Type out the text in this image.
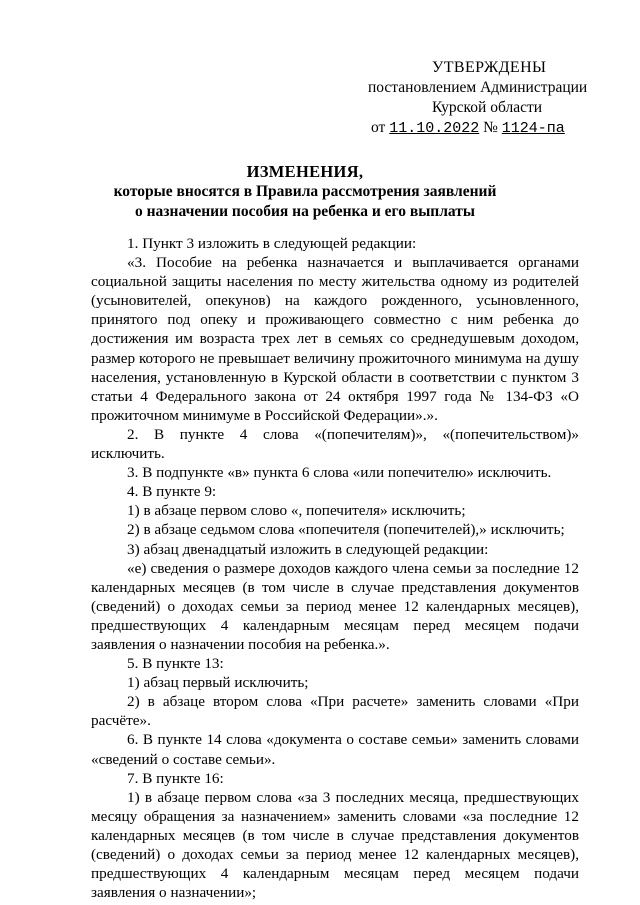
УТВЕРЖДЕНЫ
постановлением Администрации
Курской области
от 11.10.2022 № 1124-па
ИЗМЕНЕНИЯ,
которые вносятся в Правила рассмотрения заявлений
о назначении пособия на ребенка и его выплаты

1. Пункт 3 изложить в следующей редакции:

«3. Пособие на ребенка назначается и выплачивается органами социальной защиты населения по месту жительства одному из родителей (усыновителей, опекунов) на каждого рожденного, усыновленного, принятого под опеку и проживающего совместно с ним ребенка до достижения им возраста трех лет в семьях со среднедушевым доходом, размер которого не превышает величину прожиточного минимума на душу населения, установленную в Курской области в соответствии с пунктом 3 статьи 4 Федерального закона от 24 октября 1997 года № 134-ФЗ «О прожиточном минимуме в Российской Федерации».».

2. В пункте 4 слова «(попечителям)», «(попечительством)» исключить.

3. В подпункте «в» пункта 6 слова «или попечителю» исключить.

4. В пункте 9:

1) в абзаце первом слово «, попечителя» исключить;

2) в абзаце седьмом слова «попечителя (попечителей),» исключить;

3) абзац двенадцатый изложить в следующей редакции:

«е) сведения о размере доходов каждого члена семьи за последние 12 календарных месяцев (в том числе в случае представления документов (сведений) о доходах семьи за период менее 12 календарных месяцев), предшествующих 4 календарным месяцам перед месяцем подачи заявления о назначении пособия на ребенка.».

5. В пункте 13:

1) абзац первый исключить;

2) в абзаце втором слова «При расчете» заменить словами «При расчёте».

6. В пункте 14 слова «документа о составе семьи» заменить словами «сведений о составе семьи».

7. В пункте 16:

1) в абзаце первом слова «за 3 последних месяца, предшествующих месяцу обращения за назначением» заменить словами «за последние 12 календарных месяцев (в том числе в случае представления документов (сведений) о доходах семьи за период менее 12 календарных месяцев), предшествующих 4 календарным месяцам перед месяцем подачи заявления о назначении»;
